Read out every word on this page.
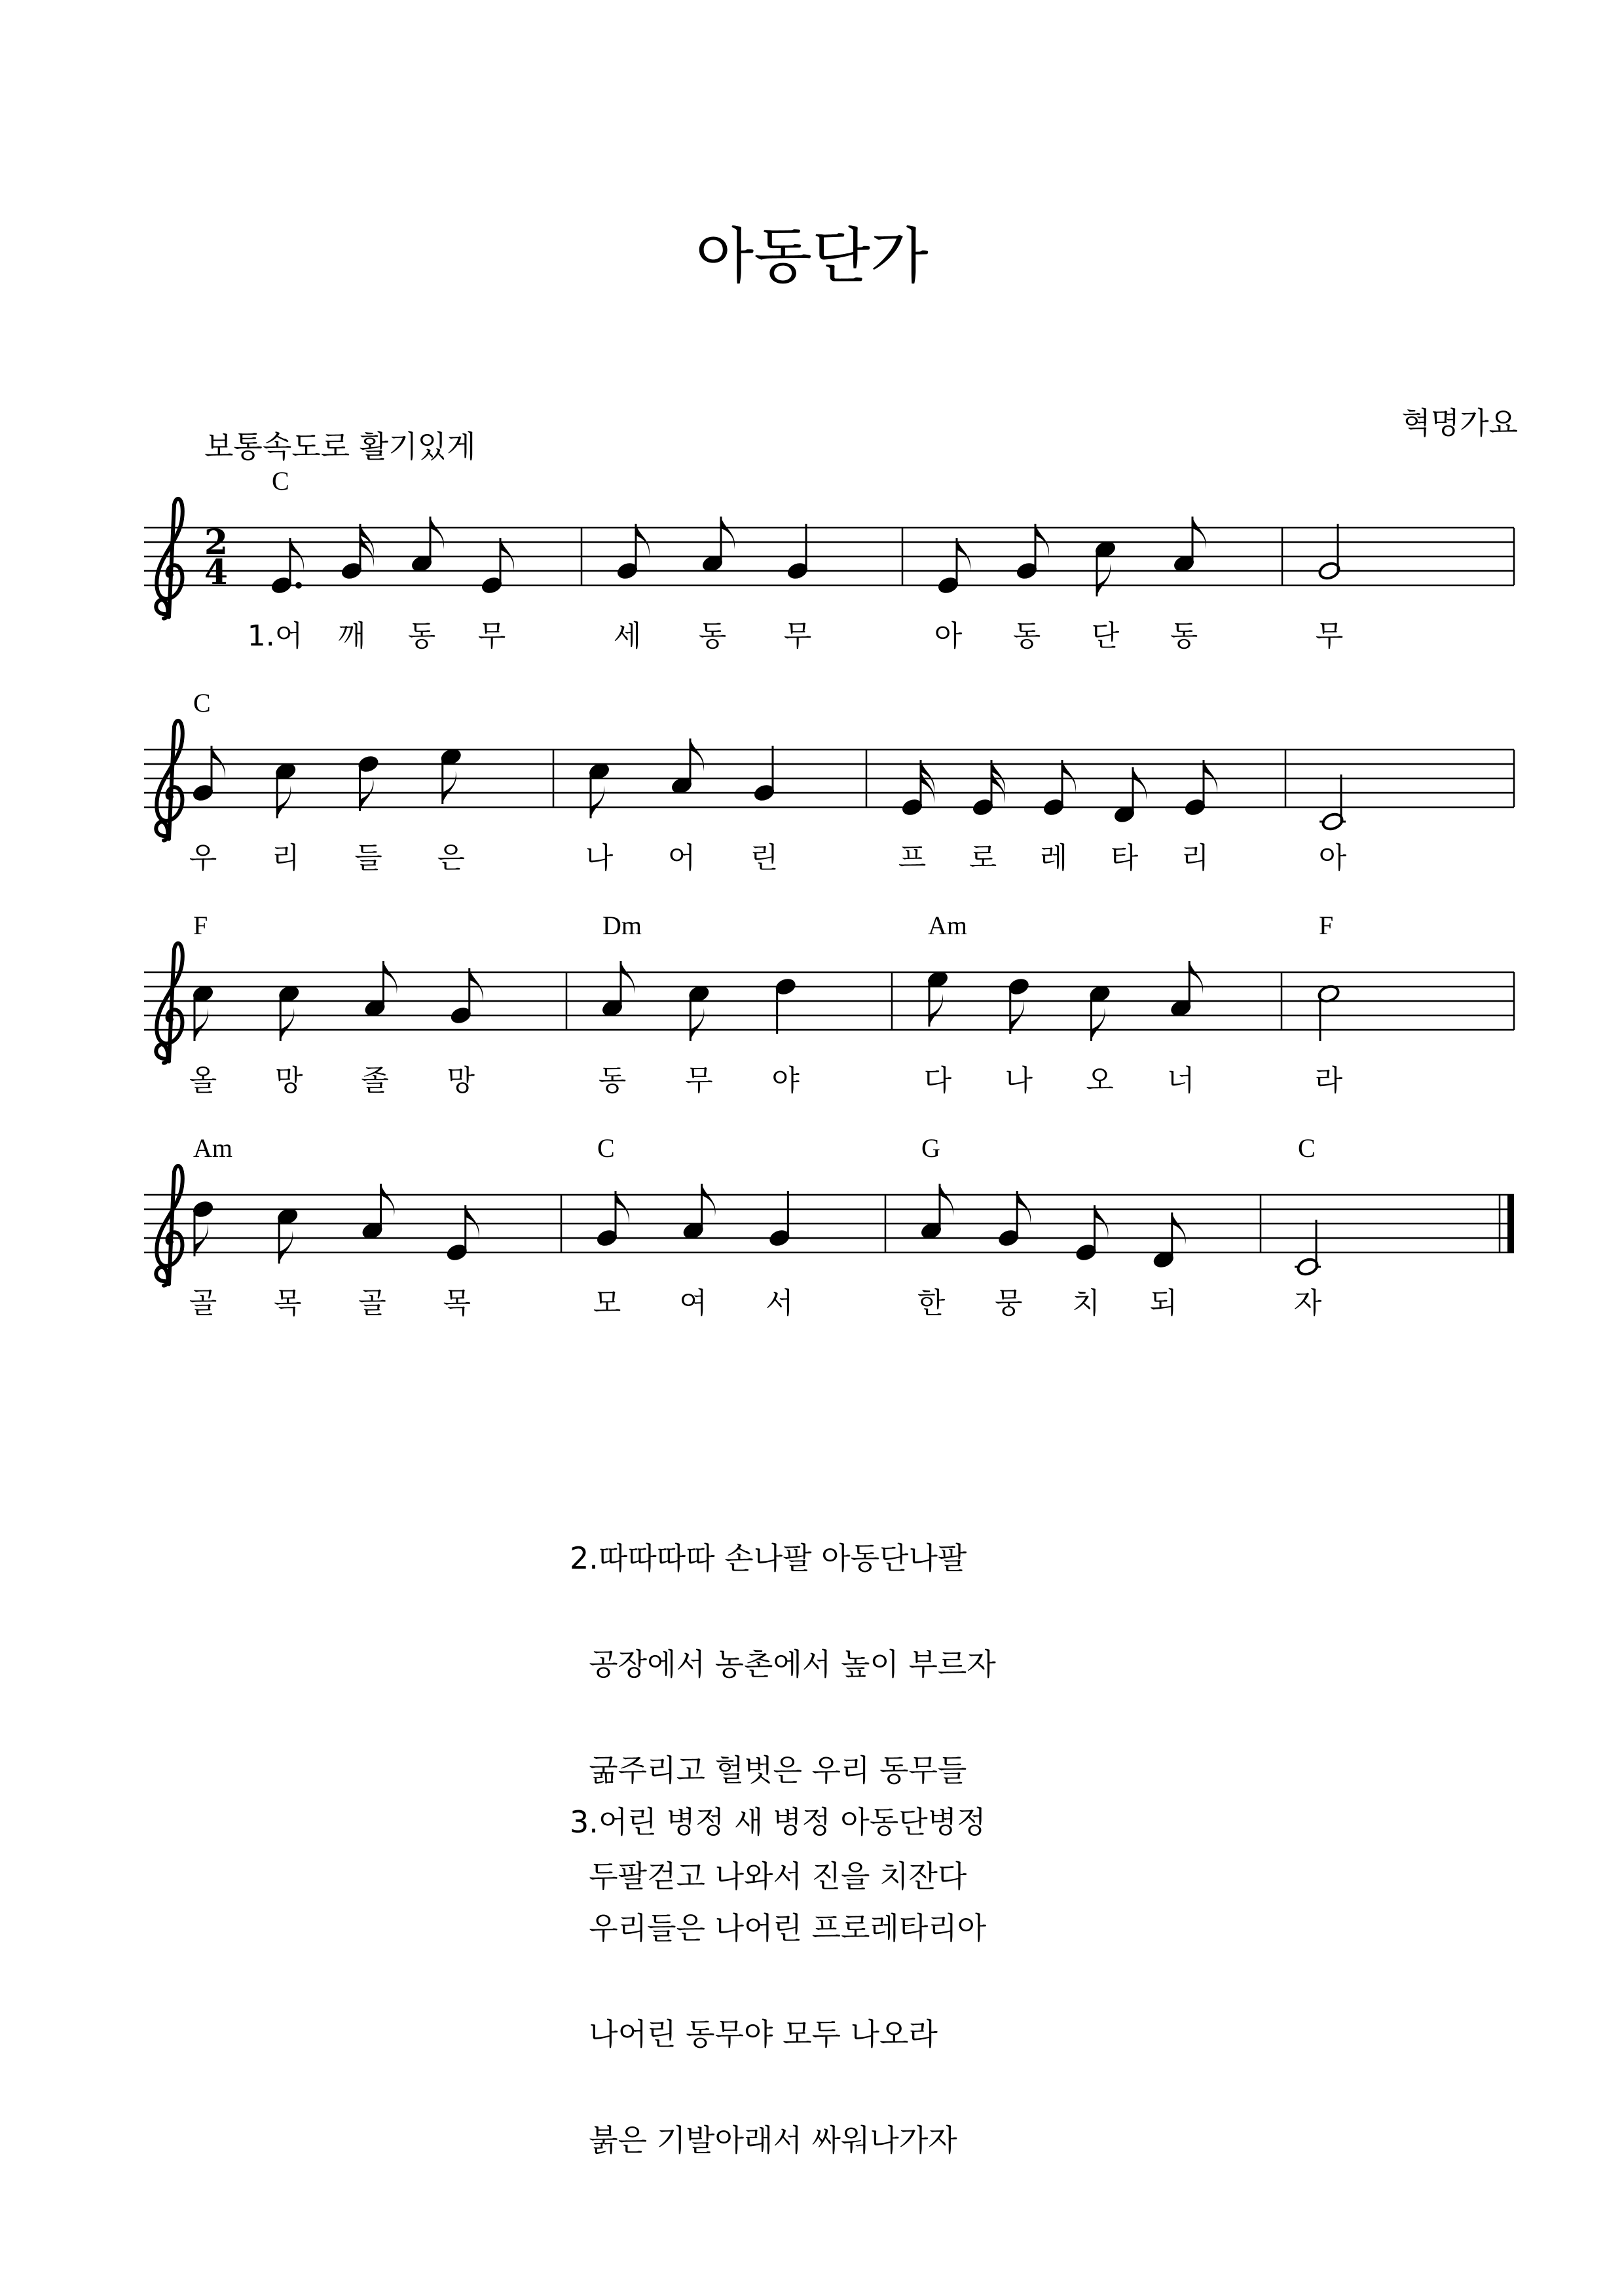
아동단가
혁명가요
보통속도로 활기있게
2
4
C
1.어 깨 동 무	세 동 무	아 동 단 동	무
C
우 리 들 은	나 어 린	프 로 레 타 리	아
F	Dm	Am	F
올 망 졸 망	동 무 야	다 나 오 너	라
Am	C	G	C
골 목 골 목	모 여 서	한 뭉 치 되	자

2.따따따따 손나팔 아동단나팔

공장에서 농촌에서 높이 부르자

굶주리고 헐벗은 우리 동무들

두팔걷고 나와서 진을 치잔다

3.어린 병정 새 병정 아동단병정

우리들은 나어린 프로레타리아

나어린 동무야 모두 나오라

붉은 기발아래서 싸워나가자
